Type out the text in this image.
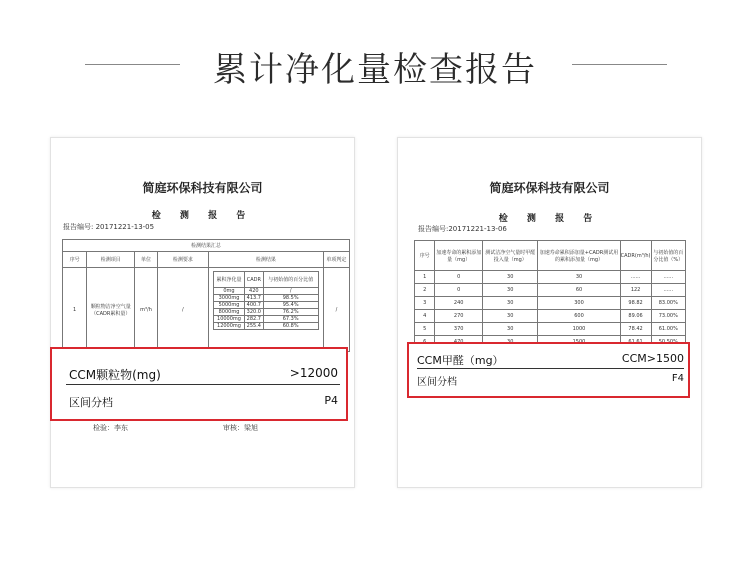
累计净化量检查报告
简庭环保科技有限公司
检 测 报 告
报告编号: 20171221-13-05
检测结果汇总
序号	检测项目	单位	检测要求	检测结果	单项判定
1	颗粒物洁净空气量（CADR累积量）	m³/h	/	
累积净化量	CADR	与初始值的百分比值
0mg	420	/
3000mg	413.7	98.5%
5000mg	400.7	95.4%
8000mg	320.0	76.2%
10000mg	282.7	67.3%
12000mg	255.4	60.8%
	/
CCM颗粒物(mg)	>12000
区间分档	P4
检验：李东	审核：梁旭
简庭环保科技有限公司
检 测 报 告
报告编号:20171221-13-06
序号	加速寿命的累积添加量（mg）	测试洁净空气量时甲醛投入量（mg）	加速寿命累积添加量+CADR测试用的累积添加量（mg）	CADR(m³/h)	与初始值的百分比值（%）
1	0	30	30	......	......
2	0	30	60	122	......
3	240	30	300	98.82	83.00%
4	270	30	600	89.06	73.00%
5	370	30	1000	78.42	61.00%

CCM甲醛（mg）	CCM>1500
区间分档	F4
